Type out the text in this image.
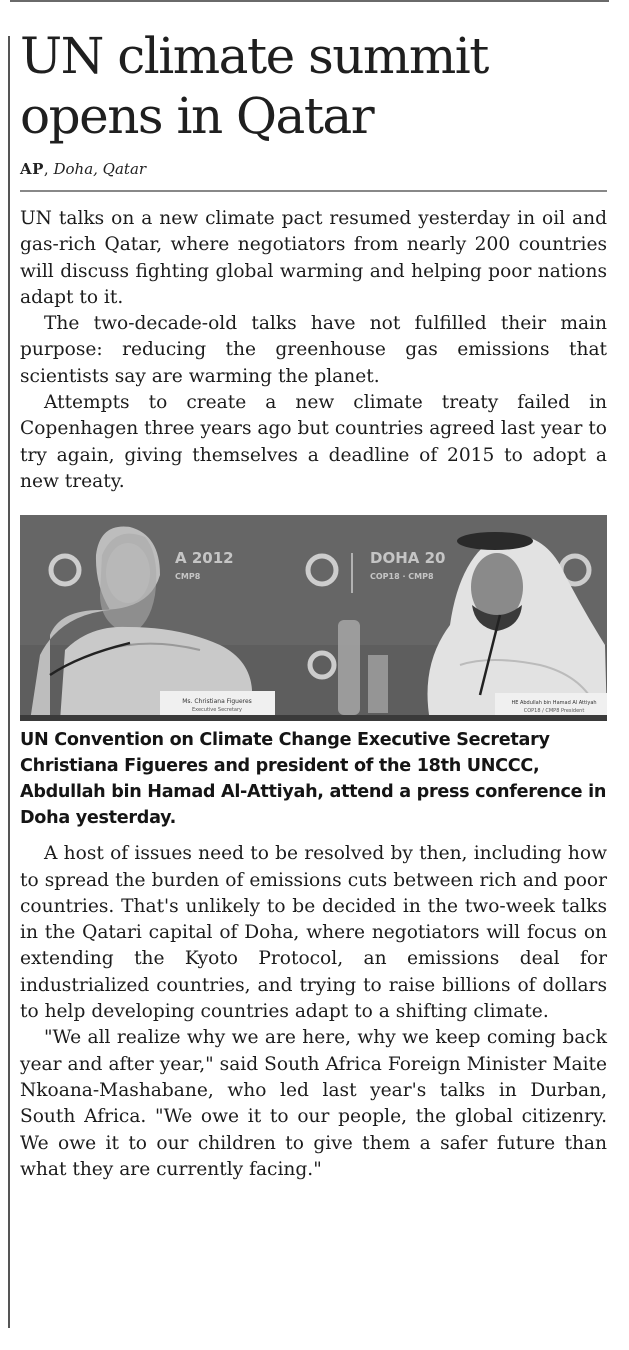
UN climate summit opens in Qatar
AP, Doha, Qatar

UN talks on a new climate pact resumed yesterday in oil and gas-rich Qatar, where negotiators from nearly 200 countries will discuss fighting global warming and helping poor nations adapt to it.

The two-decade-old talks have not fulfilled their main purpose: reducing the greenhouse gas emissions that scientists say are warming the planet.

Attempts to create a new climate treaty failed in Copenhagen three years ago but countries agreed last year to try again, giving themselves a deadline of 2015 to adopt a new treaty.

DOHA 20
COP18 · CMP8
A 2012
CMP8
Ms. Christiana Figueres
Executive Secretary
HE Abdullah bin Hamad Al Attiyah
COP18 / CMP8 President
UN Convention on Climate Change Executive Secretary Christiana Figueres and president of the 18th UNCCC, Abdullah bin Hamad Al-Attiyah, attend a press conference in Doha yesterday.

A host of issues need to be resolved by then, including how to spread the burden of emissions cuts between rich and poor countries. That's unlikely to be decided in the two-week talks in the Qatari capital of Doha, where negotiators will focus on extending the Kyoto Protocol, an emissions deal for industrialized countries, and trying to raise billions of dollars to help developing countries adapt to a shifting climate.

"We all realize why we are here, why we keep coming back year and after year," said South Africa Foreign Minister Maite Nkoana-Mashabane, who led last year's talks in Durban, South Africa. "We owe it to our people, the global citizenry. We owe it to our children to give them a safer future than what they are currently facing."
